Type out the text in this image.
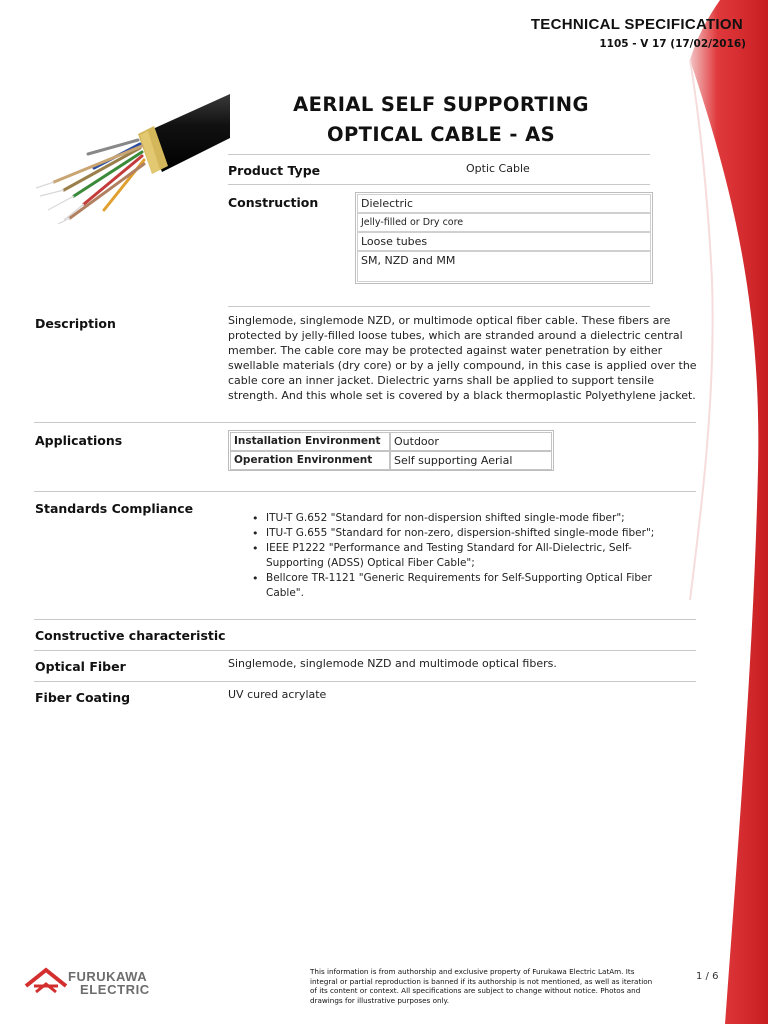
TECHNICAL SPECIFICATION
1105 - V 17 (17/02/2016)
AERIAL SELF SUPPORTING
OPTICAL CABLE - AS
Product Type	Optic Cable
Construction	Dielectric
Jelly-filled or Dry core
Loose tubes
SM, NZD and MM
Description	Singlemode, singlemode NZD, or multimode optical fiber cable. These fibers are protected by jelly-filled loose tubes, which are stranded around a dielectric central member. The cable core may be protected against water penetration by either swellable materials (dry core) or by a jelly compound, in this case is applied over the cable core an inner jacket. Dielectric yarns shall be applied to support tensile strength. And this whole set is covered by a black thermoplastic Polyethylene jacket.
Applications	Installation Environment	Outdoor
Operation Environment	Self supporting Aerial
Standards Compliance
• ITU-T G.652 "Standard for non-dispersion shifted single-mode fiber";
• ITU-T G.655 "Standard for non-zero, dispersion-shifted single-mode fiber";
• IEEE P1222 "Performance and Testing Standard for All-Dielectric, Self-Supporting (ADSS) Optical Fiber Cable";
• Bellcore TR-1121 "Generic Requirements for Self-Supporting Optical Fiber Cable".
Constructive characteristic
Optical Fiber	Singlemode, singlemode NZD and multimode optical fibers.
Fiber Coating	UV cured acrylate
FURUKAWA
ELECTRIC
This information is from authorship and exclusive property of Furukawa Electric LatAm. Its integral or partial reproduction is banned if its authorship is not mentioned, as well as iteration of its content or context. All specifications are subject to change without notice. Photos and drawings for illustrative purposes only.
1 / 6
